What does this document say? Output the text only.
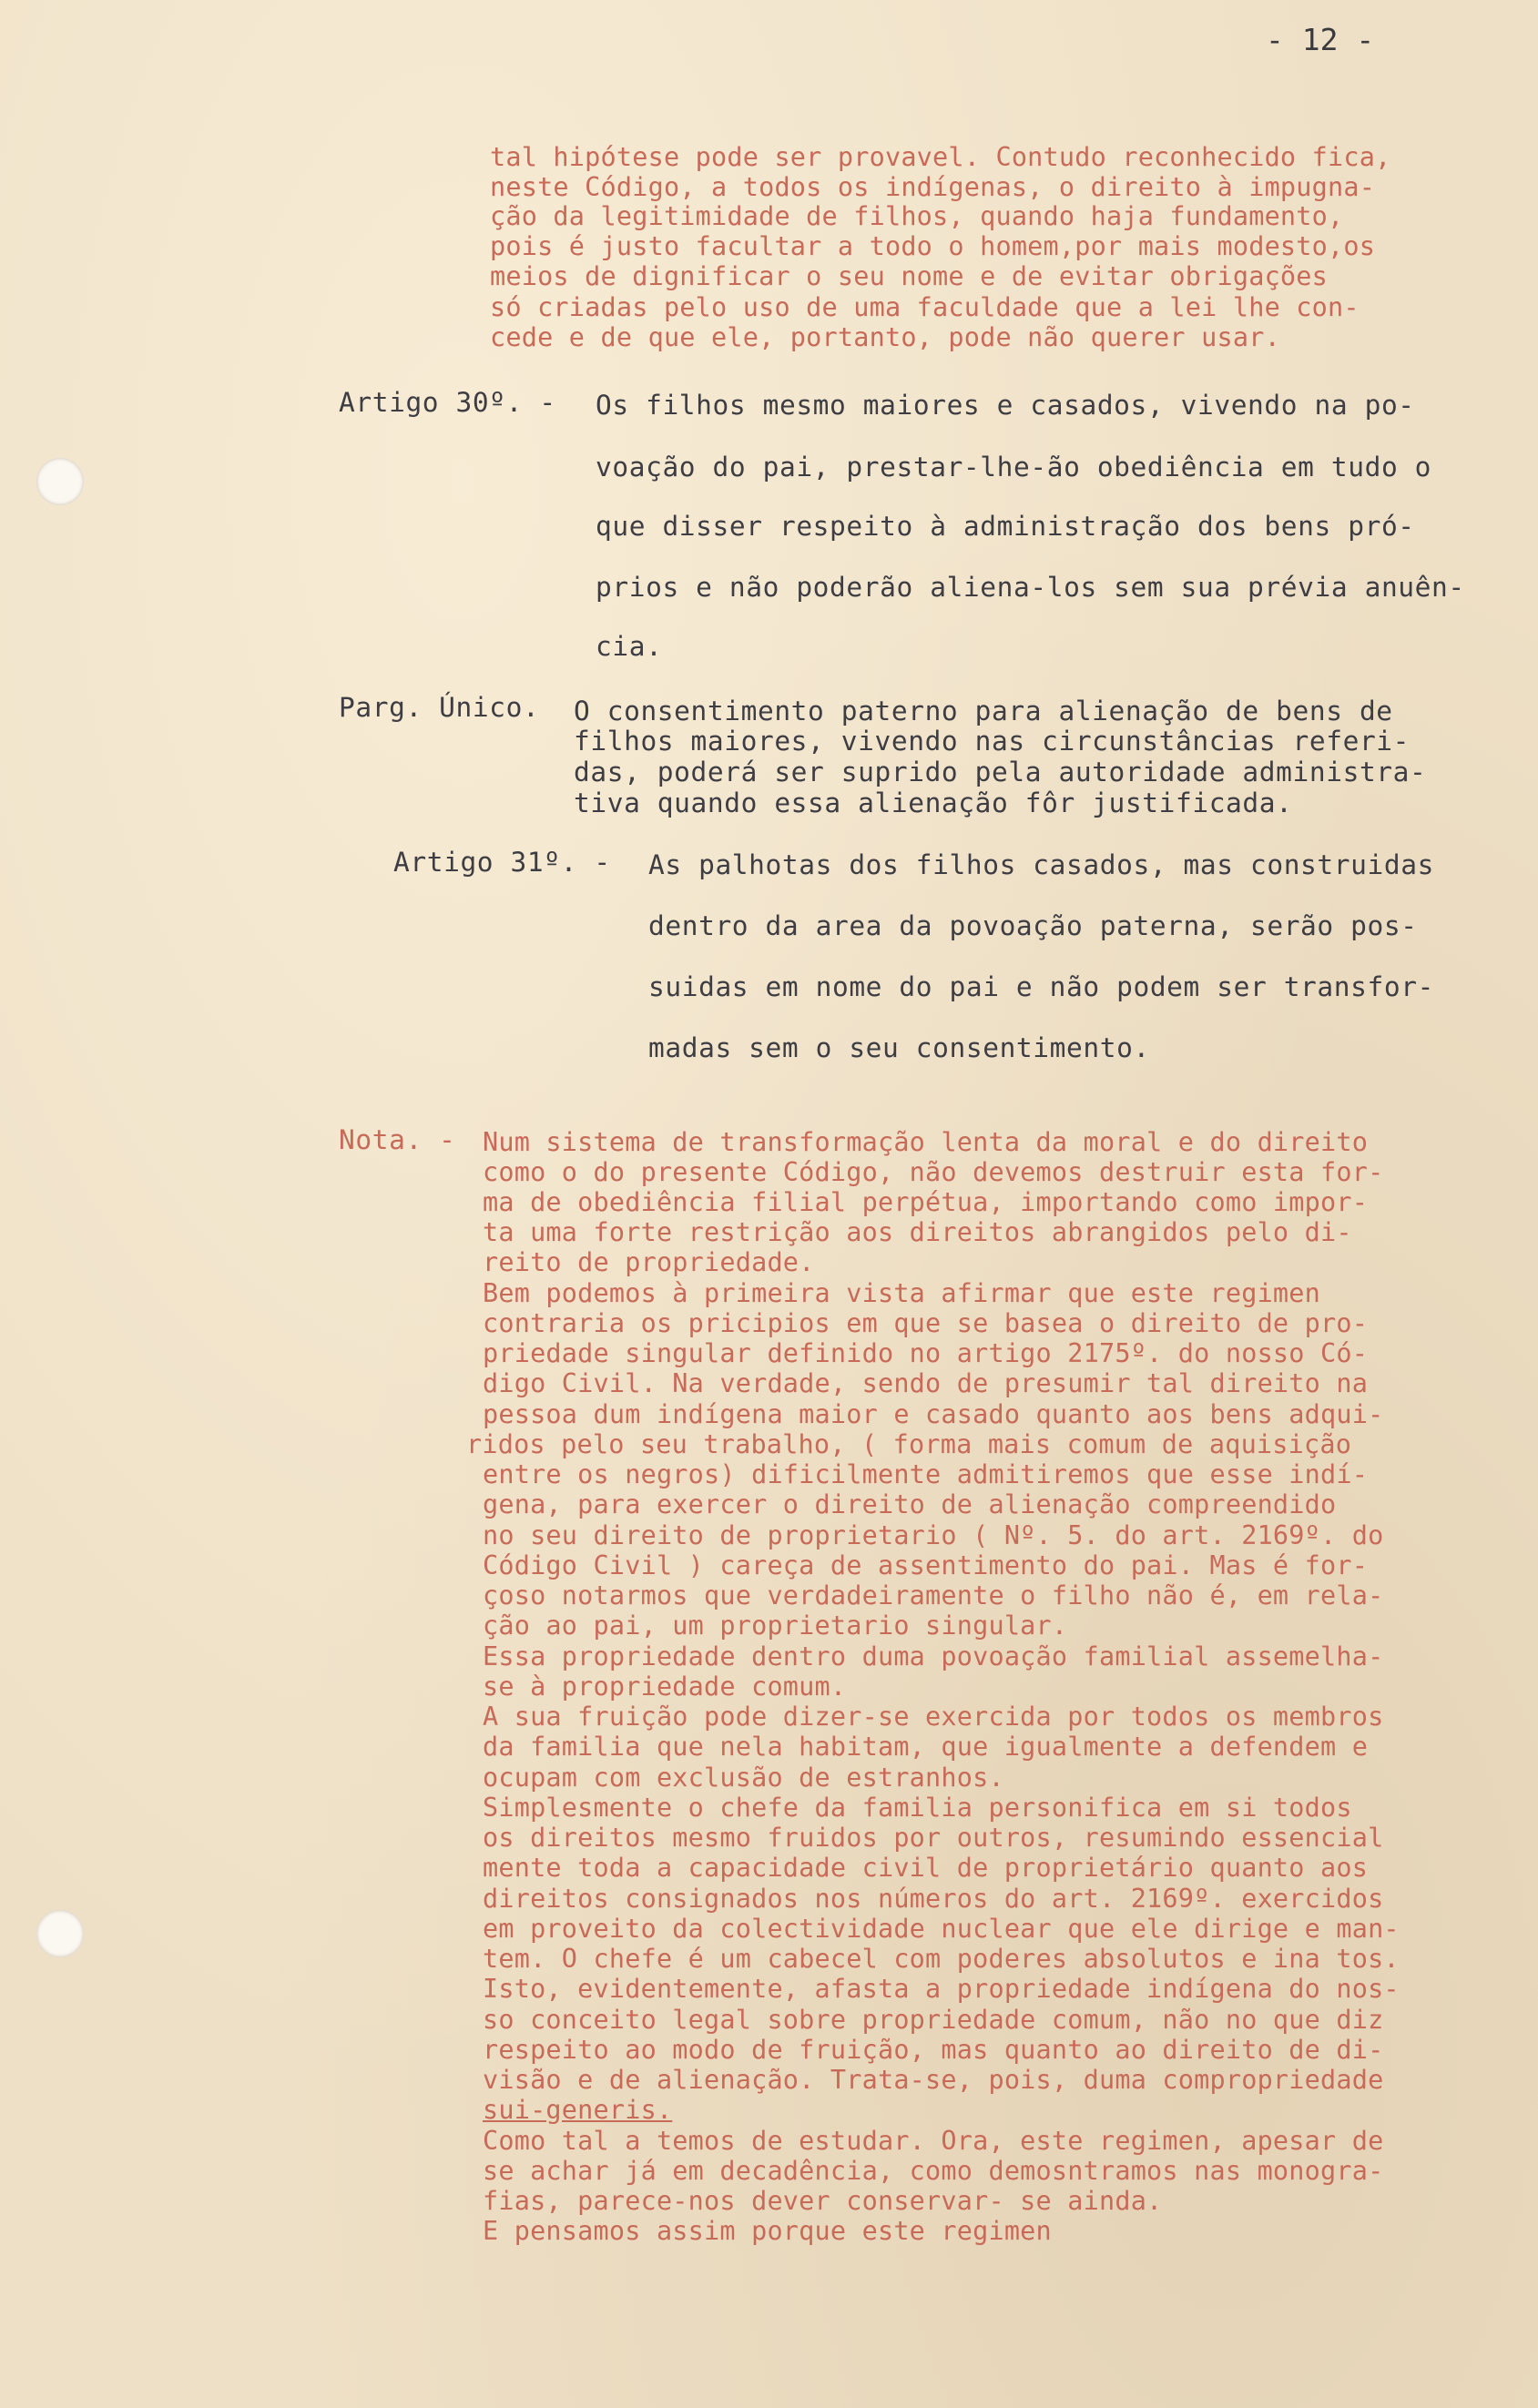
- 12 -
tal hipótese pode ser provavel. Contudo reconhecido fica,
neste Código, a todos os indígenas, o direito à impugna-
ção da legitimidade de filhos, quando haja fundamento,
pois é justo facultar a todo o homem,por mais modesto,os
meios de dignificar o seu nome e de evitar obrigações
só criadas pelo uso de uma faculdade que a lei lhe con-
cede e de que ele, portanto, pode não querer usar.
Artigo 30º. - Os filhos mesmo maiores e casados, vivendo na po-
voação do pai, prestar-lhe-ão obediência em tudo o
que disser respeito à administração dos bens pró-
prios e não poderão aliena-los sem sua prévia anuên-
cia.
Parg. Único. O consentimento paterno para alienação de bens de
filhos maiores, vivendo nas circunstâncias referi-
das, poderá ser suprido pela autoridade administra-
tiva quando essa alienação fôr justificada.
Artigo 31º. - As palhotas dos filhos casados, mas construidas
dentro da area da povoação paterna, serão pos-
suidas em nome do pai e não podem ser transfor-
madas sem o seu consentimento.
Nota. - Num sistema de transformação lenta da moral e do direito
como o do presente Código, não devemos destruir esta for-
ma de obediência filial perpétua, importando como impor-
ta uma forte restrição aos direitos abrangidos pelo di-
reito de propriedade.
Bem podemos à primeira vista afirmar que este regimen
contraria os pricipios em que se basea o direito de pro-
priedade singular definido no artigo 2175º. do nosso Có-
digo Civil. Na verdade, sendo de presumir tal direito na
pessoa dum indígena maior e casado quanto aos bens adqui-
ridos pelo seu trabalho, ( forma mais comum de aquisição
entre os negros) dificilmente admitiremos que esse indí-
gena, para exercer o direito de alienação compreendido
no seu direito de proprietario ( Nº. 5. do art. 2169º. do
Código Civil ) careça de assentimento do pai. Mas é for-
çoso notarmos que verdadeiramente o filho não é, em rela-
ção ao pai, um proprietario singular.
Essa propriedade dentro duma povoação familial assemelha-
se à propriedade comum.
A sua fruição pode dizer-se exercida por todos os membros
da familia que nela habitam, que igualmente a defendem e
ocupam com exclusão de estranhos.
Simplesmente o chefe da familia personifica em si todos
os direitos mesmo fruidos por outros, resumindo essencial
mente toda a capacidade civil de proprietário quanto aos
direitos consignados nos números do art. 2169º. exercidos
em proveito da colectividade nuclear que ele dirige e man-
tem. O chefe é um cabecel com poderes absolutos e ina tos.
Isto, evidentemente, afasta a propriedade indígena do nos-
so conceito legal sobre propriedade comum, não no que diz
respeito ao modo de fruição, mas quanto ao direito de di-
visão e de alienação. Trata-se, pois, duma compropriedade
sui-generis.
Como tal a temos de estudar. Ora, este regimen, apesar de
se achar já em decadência, como demosntramos nas monogra-
fias, parece-nos dever conservar- se ainda.
E pensamos assim porque este regimen
